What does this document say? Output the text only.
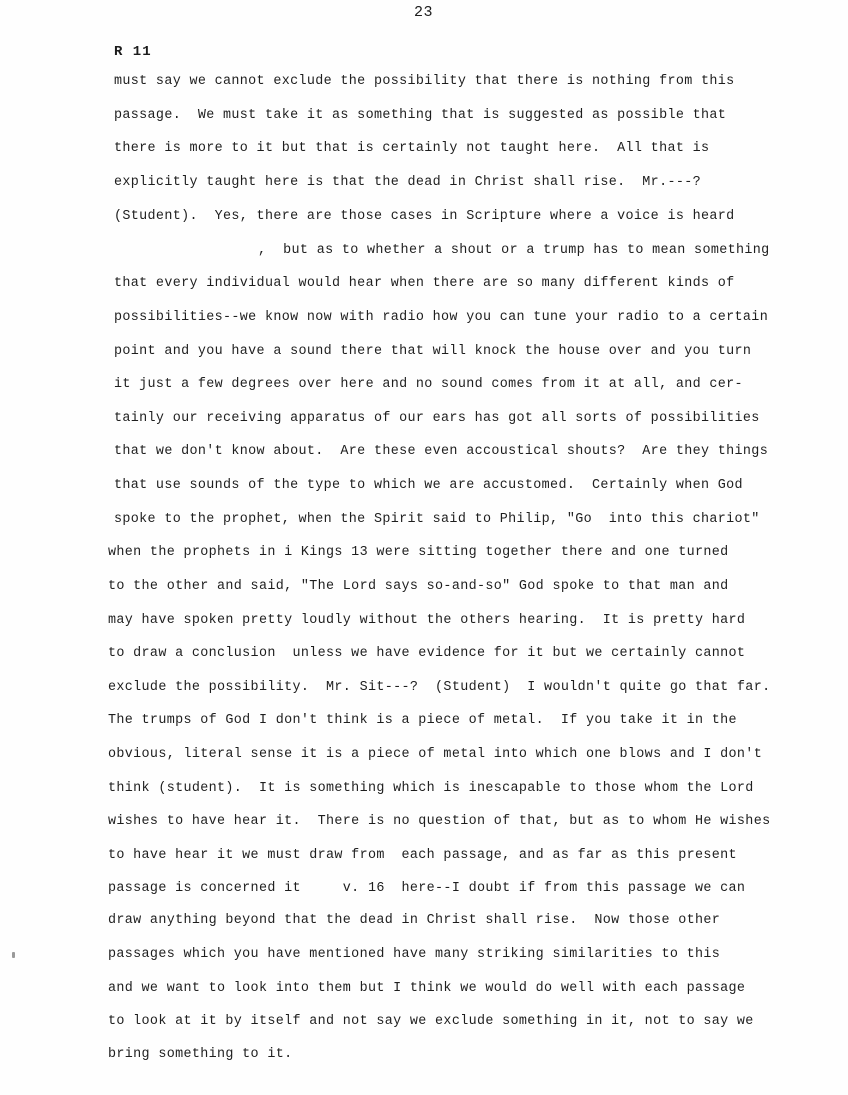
23
R 11
must say we cannot exclude the possibility that there is nothing from this
passage.  We must take it as something that is suggested as possible that
there is more to it but that is certainly not taught here.  All that is
explicitly taught here is that the dead in Christ shall rise.  Mr.---?
(Student).  Yes, there are those cases in Scripture where a voice is heard
,  but as to whether a shout or a trump has to mean something
that every individual would hear when there are so many different kinds of
possibilities--we know now with radio how you can tune your radio to a certain
point and you have a sound there that will knock the house over and you turn
it just a few degrees over here and no sound comes from it at all, and cer-
tainly our receiving apparatus of our ears has got all sorts of possibilities
that we don't know about.  Are these even accoustical shouts?  Are they things
that use sounds of the type to which we are accustomed.  Certainly when God
spoke to the prophet, when the Spirit said to Philip, "Go  into this chariot"
when the prophets in i Kings 13 were sitting together there and one turned
to the other and said, "The Lord says so-and-so" God spoke to that man and
may have spoken pretty loudly without the others hearing.  It is pretty hard
to draw a conclusion  unless we have evidence for it but we certainly cannot
exclude the possibility.  Mr. Sit---?  (Student)  I wouldn't quite go that far.
The trumps of God I don't think is a piece of metal.  If you take it in the
obvious, literal sense it is a piece of metal into which one blows and I don't
think (student).  It is something which is inescapable to those whom the Lord
wishes to have hear it.  There is no question of that, but as to whom He wishes
to have hear it we must draw from  each passage, and as far as this present
passage is concerned it     v. 16  here--I doubt if from this passage we can
draw anything beyond that the dead in Christ shall rise.  Now those other
passages which you have mentioned have many striking similarities to this
and we want to look into them but I think we would do well with each passage
to look at it by itself and not say we exclude something in it, not to say we
bring something to it.
